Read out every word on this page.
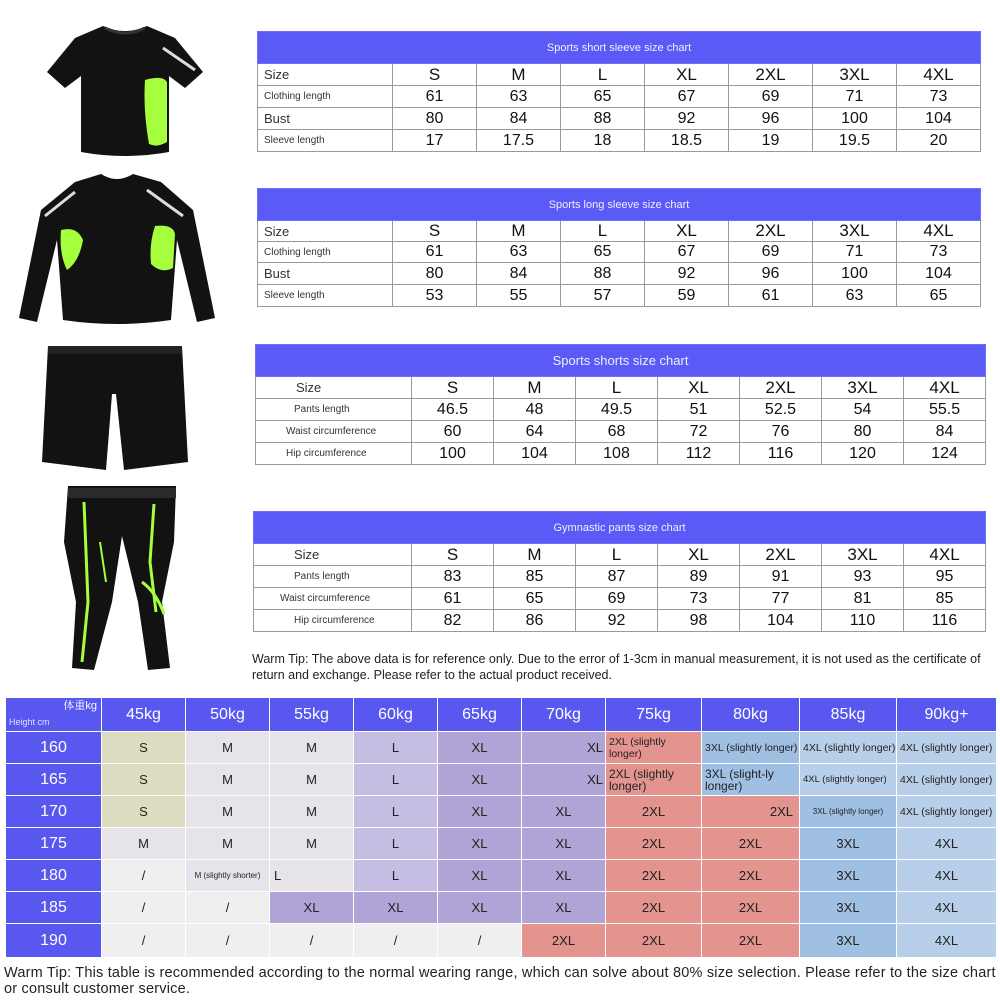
Sports short sleeve size chart							
Size	S	M	L	XL	2XL	3XL	4XL
Clothing length	61	63	65	67	69	71	73
Bust	80	84	88	92	96	100	104
Sleeve length	17	17.5	18	18.5	19	19.5	20
Sports long sleeve size chart							
Size	S	M	L	XL	2XL	3XL	4XL
Clothing length	61	63	65	67	69	71	73
Bust	80	84	88	92	96	100	104
Sleeve length	53	55	57	59	61	63	65
Sports shorts size chart							
Size	S	M	L	XL	2XL	3XL	4XL
Pants length	46.5	48	49.5	51	52.5	54	55.5
Waist circumference	60	64	68	72	76	80	84
Hip circumference	100	104	108	112	116	120	124
Gymnastic pants size chart							
Size	S	M	L	XL	2XL	3XL	4XL
Pants length	83	85	87	89	91	93	95
Waist circumference	61	65	69	73	77	81	85
Hip circumference	82	86	92	98	104	110	116
Warm Tip: The above data is for reference only. Due to the error of 1-3cm in manual measurement, it is not used as the certificate of return and exchange. Please refer to the actual product received.
体重kg
Height cm	45kg	50kg	55kg	60kg	65kg	70kg	75kg	80kg	85kg	90kg+
160	S	M	M	L	XL	XL	2XL (slightly longer)	3XL (slightly longer)	4XL (slightly longer)	4XL (slightly longer)
165	S	M	M	L	XL	XL	2XL (slightly longer)	3XL (slight-ly longer)	4XL (slightly longer)	4XL (slightly longer)
170	S	M	M	L	XL	XL	2XL	2XL	3XL (slightly longer)	4XL (slightly longer)
175	M	M	M	L	XL	XL	2XL	2XL	3XL	4XL
180	/	M (slightly shorter)	L	L	XL	XL	2XL	2XL	3XL	4XL
185	/	/	XL	XL	XL	XL	2XL	2XL	3XL	4XL
190	/	/	/	/	/	2XL	2XL	2XL	3XL	4XL
Warm Tip: This table is recommended according to the normal wearing range, which can solve about 80% size selection. Please refer to the size chart or consult customer service.
